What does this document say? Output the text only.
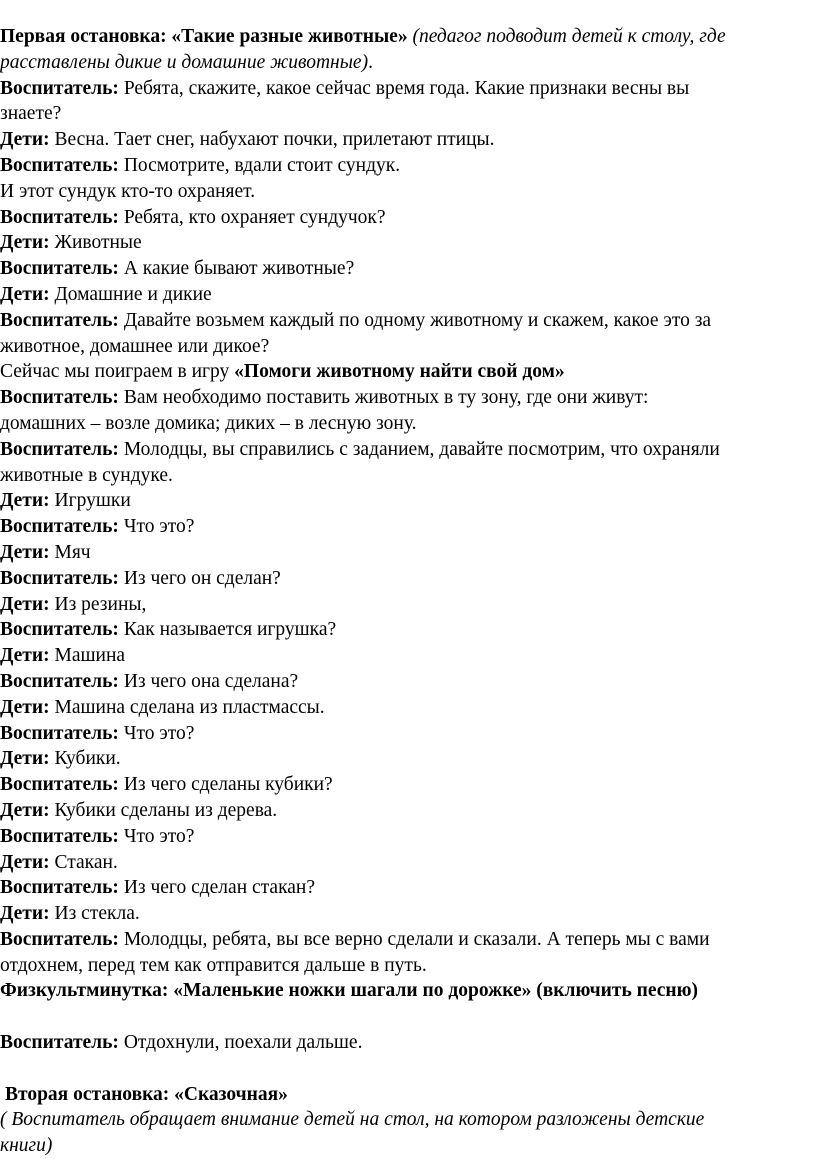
Первая остановка: «Такие разные животные» (педагог подводит детей к столу, где

расставлены дикие и домашние животные).

Воспитатель: Ребята, скажите, какое сейчас время года. Какие признаки весны вы

знаете?

Дети: Весна. Тает снег, набухают почки, прилетают птицы.

Воспитатель: Посмотрите, вдали стоит сундук.

И этот сундук кто-то охраняет.

Воспитатель: Ребята, кто охраняет сундучок?

Дети: Животные

Воспитатель: А какие бывают животные?

Дети: Домашние и дикие

Воспитатель: Давайте возьмем каждый по одному животному и скажем, какое это за

животное, домашнее или дикое?

Сейчас мы поиграем в игру «Помоги животному найти свой дом»

Воспитатель: Вам необходимо поставить животных в ту зону, где они живут:

домашних – возле домика; диких – в лесную зону.

Воспитатель: Молодцы, вы справились с заданием, давайте посмотрим, что охраняли

животные в сундуке.

Дети: Игрушки

Воспитатель: Что это?

Дети: Мяч

Воспитатель: Из чего он сделан?

Дети: Из резины,

Воспитатель: Как называется игрушка?

Дети: Машина

Воспитатель: Из чего она сделана?

Дети: Машина сделана из пластмассы.

Воспитатель: Что это?

Дети: Кубики.

Воспитатель: Из чего сделаны кубики?

Дети: Кубики сделаны из дерева.

Воспитатель: Что это?

Дети: Стакан.

Воспитатель: Из чего сделан стакан?

Дети: Из стекла.

Воспитатель: Молодцы, ребята, вы все верно сделали и сказали. А теперь мы с вами

отдохнем, перед тем как отправится дальше в путь.

Физкультминутка: «Маленькие ножки шагали по дорожке» (включить песню)

Воспитатель: Отдохнули, поехали дальше.

Вторая остановка: «Сказочная»

( Воспитатель обращает внимание детей на стол, на котором разложены детские

книги)
